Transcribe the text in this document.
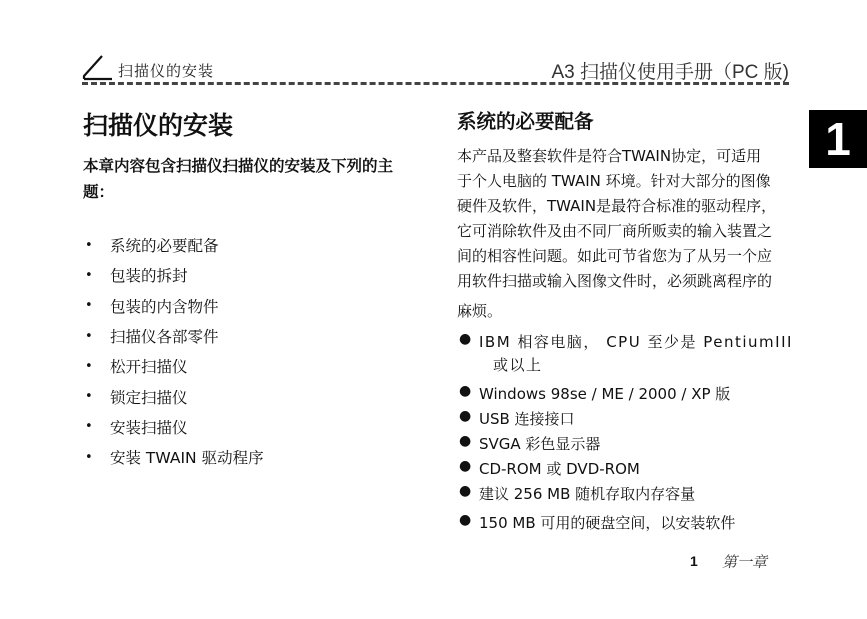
扫描仪的安装	A3 扫描仪使用手册（PC 版)
1
扫描仪的安装
本章内容包含扫描仪扫描仪的安装及下列的主题：
•	系统的必要配备
•	包装的拆封
•	包装的内含物件
•	扫描仪各部零件
•	松开扫描仪
•	锁定扫描仪
•	安装扫描仪
•	安装 TWAIN 驱动程序
系统的必要配备
本产品及整套软件是符合TWAIN协定，可适用
于个人电脑的 TWAIN 环境。针对大部分的图像
硬件及软件，TWAIN是最符合标准的驱动程序，
它可消除软件及由不同厂商所贩卖的输入装置之
间的相容性问题。如此可节省您为了从另一个应
用软件扫描或输入图像文件时，必须跳离程序的
麻烦。
● IBM 相容电脑， CPU 至少是 PentiumIII
或以上
● Windows 98se / ME / 2000 / XP 版
● USB 连接接口
● SVGA 彩色显示器
● CD-ROM 或 DVD-ROM
● 建议 256 MB 随机存取内存容量
● 150 MB 可用的硬盘空间，以安装软件
1 第一章
